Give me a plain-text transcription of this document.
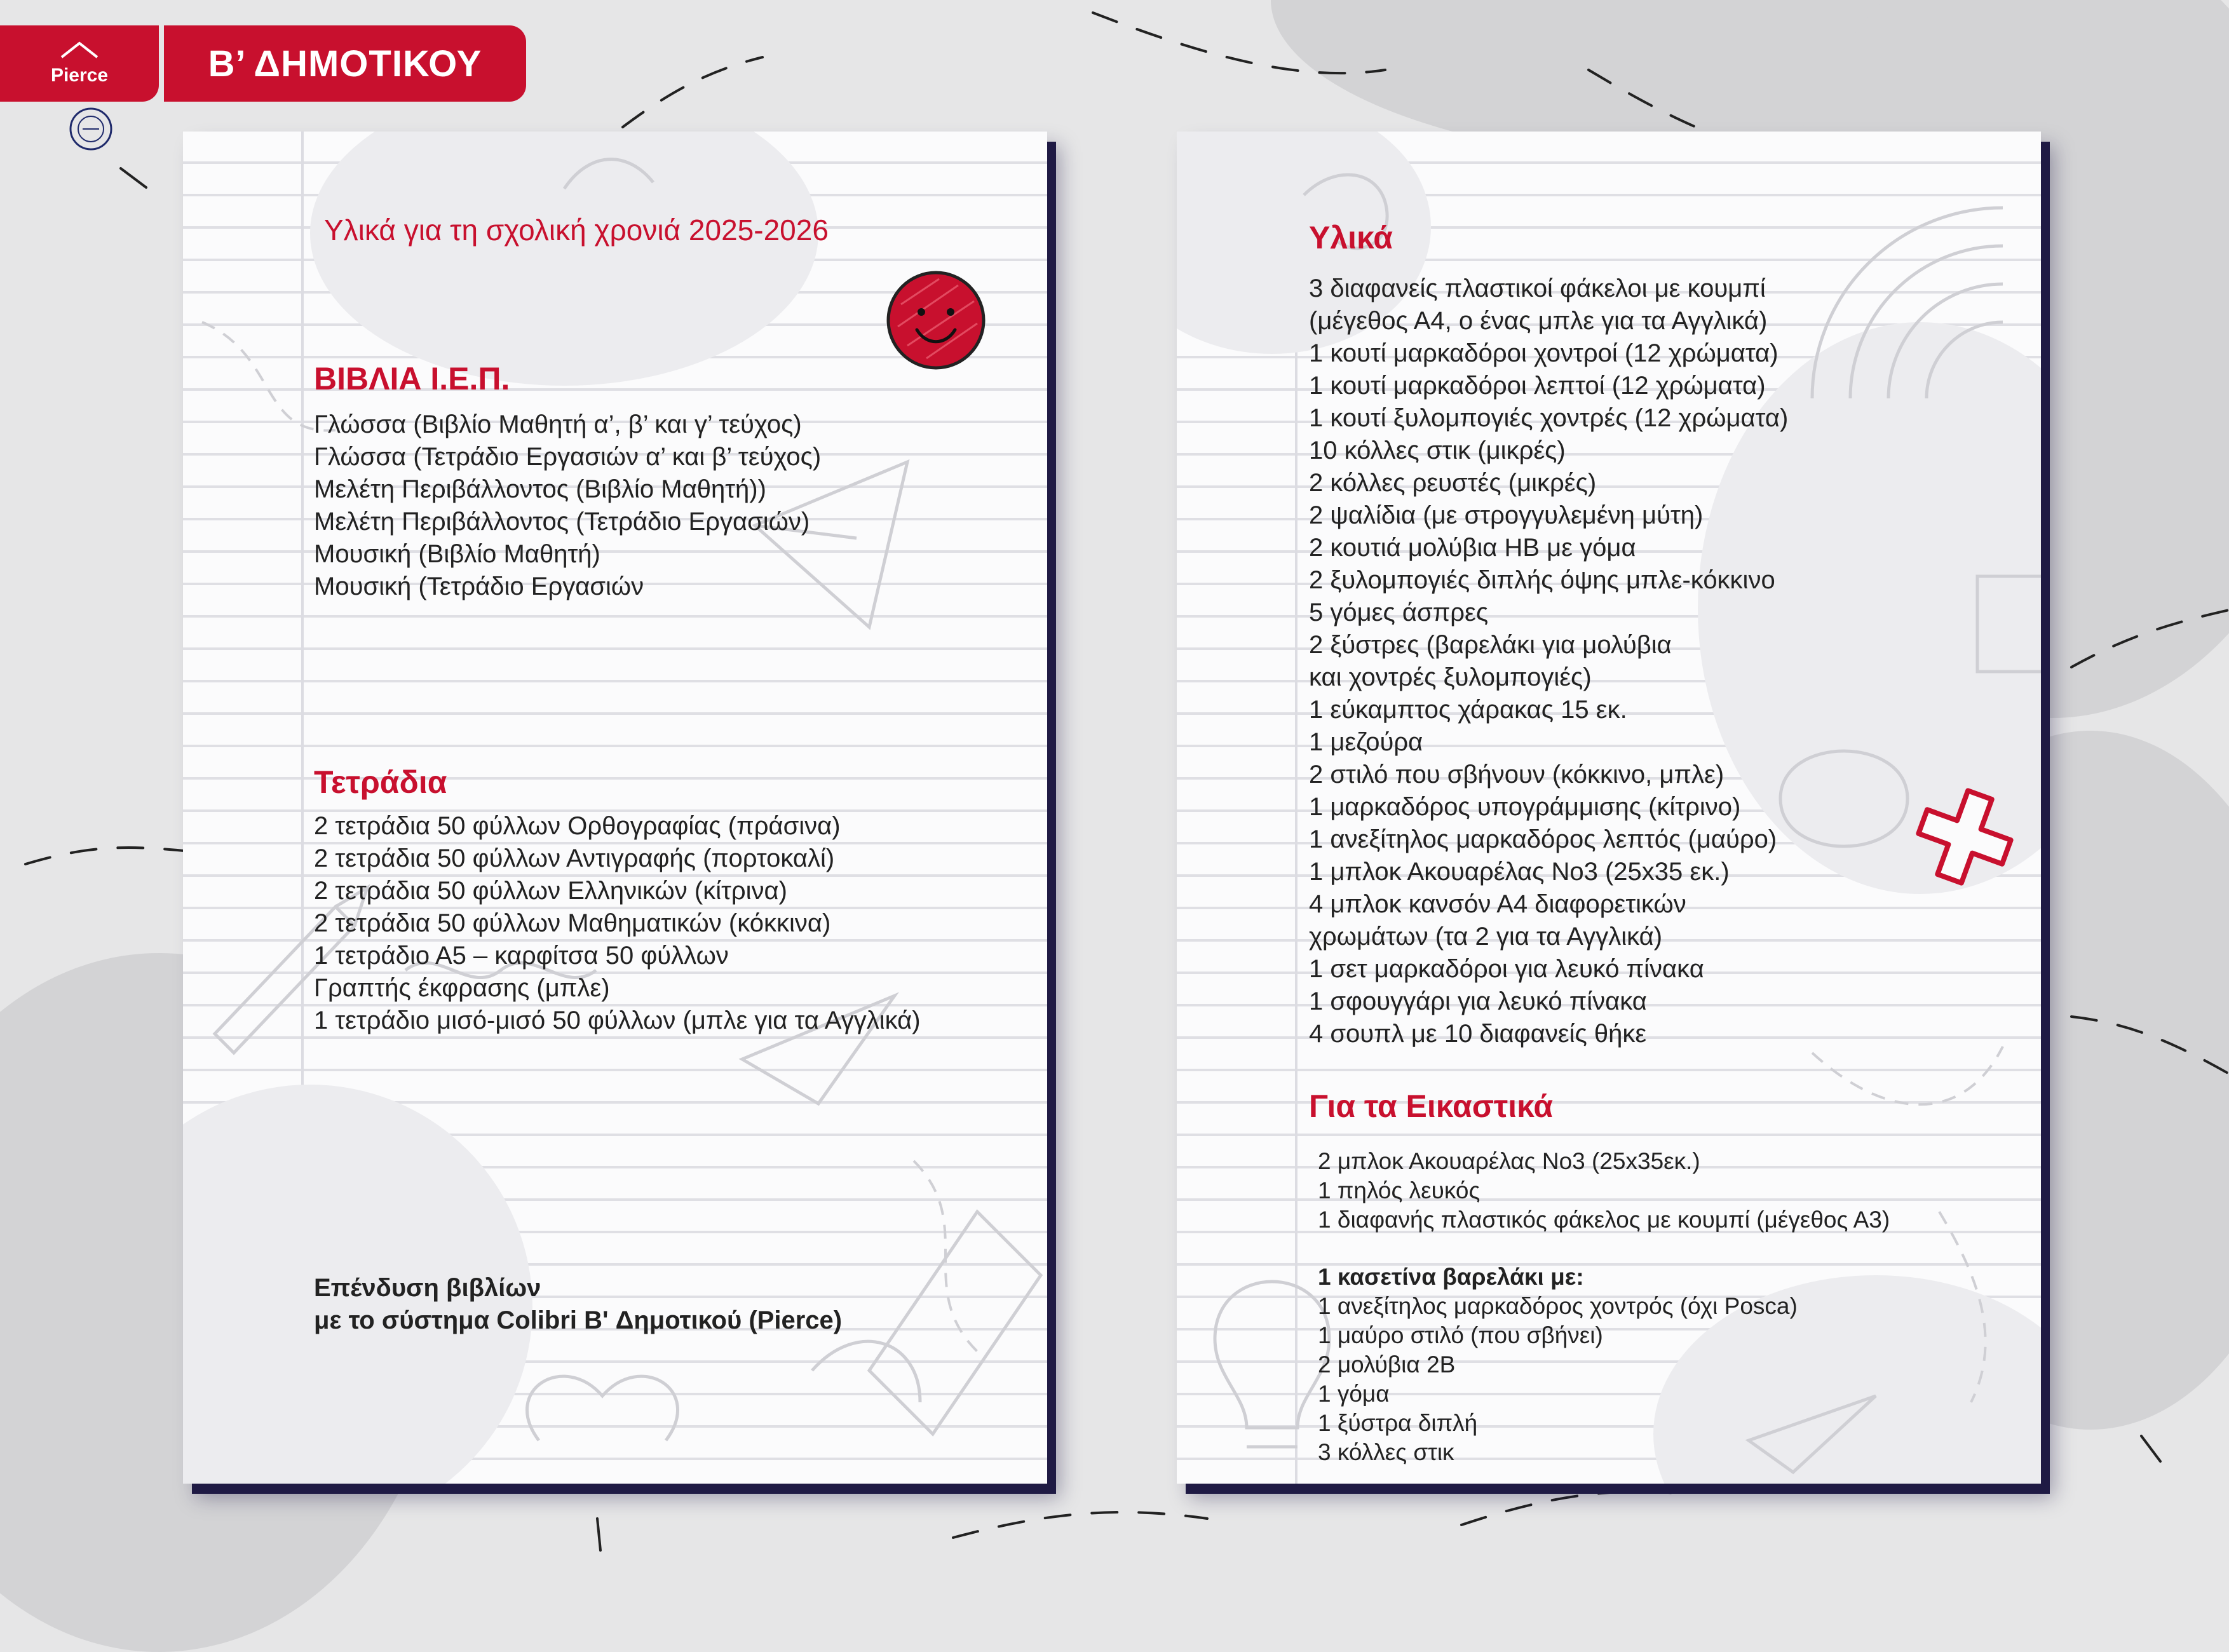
Pierce	Β’ ΔΗΜΟΤΙΚΟΥ
Υλικά για τη σχολική χρονιά 2025-2026
ΒΙΒΛΙΑ Ι.Ε.Π.
Γλώσσα (Βιβλίο Μαθητή α’, β’ και γ’ τεύχος)
Γλώσσα (Τετράδιο Εργασιών α’ και β’ τεύχος)
Μελέτη Περιβάλλοντος (Βιβλίο Μαθητή))
Μελέτη Περιβάλλοντος (Τετράδιο Εργασιών)
Μουσική (Βιβλίο Μαθητή)
Μουσική (Τετράδιο Εργασιών
Τετράδια
2 τετράδια 50 φύλλων Ορθογραφίας (πράσινα)
2 τετράδια 50 φύλλων Αντιγραφής (πορτοκαλί)
2 τετράδια 50 φύλλων Ελληνικών (κίτρινα)
2 τετράδια 50 φύλλων Μαθηματικών (κόκκινα)
1 τετράδιο Α5 – καρφίτσα 50 φύλλων
Γραπτής έκφρασης (μπλε)
1 τετράδιο μισό-μισό 50 φύλλων (μπλε για τα Αγγλικά)
Επένδυση βιβλίων
με το σύστημα Colibri B' Δημοτικού (Pierce)
Υλικά
3 διαφανείς πλαστικοί φάκελοι με κουμπί
(μέγεθος Α4, ο ένας μπλε για τα Αγγλικά)
1 κουτί μαρκαδόροι χοντροί (12 χρώματα)
1 κουτί μαρκαδόροι λεπτοί (12 χρώματα)
1 κουτί ξυλομπογιές χοντρές (12 χρώματα)
10 κόλλες στικ (μικρές)
2 κόλλες ρευστές (μικρές)
2 ψαλίδια (με στρογγυλεμένη μύτη)
2 κουτιά μολύβια ΗΒ με γόμα
2 ξυλομπογιές διπλής όψης μπλε-κόκκινο
5 γόμες άσπρες
2 ξύστρες (βαρελάκι για μολύβια
και χοντρές ξυλομπογιές)
1 εύκαμπτος χάρακας 15 εκ.
1 μεζούρα
2 στιλό που σβήνουν (κόκκινο, μπλε)
1 μαρκαδόρος υπογράμμισης (κίτρινο)
1 ανεξίτηλος μαρκαδόρος λεπτός (μαύρο)
1 μπλοκ Ακουαρέλας Νο3 (25x35 εκ.)
4 μπλοκ κανσόν Α4 διαφορετικών
χρωμάτων (τα 2 για τα Αγγλικά)
1 σετ μαρκαδόροι για λευκό πίνακα
1 σφουγγάρι για λευκό πίνακα
4 σουπλ με 10 διαφανείς θήκε
Για τα Εικαστικά
2 μπλοκ Ακουαρέλας Νο3 (25x35εκ.)
1 πηλός λευκός
1 διαφανής πλαστικός φάκελος με κουμπί (μέγεθος Α3)
1 κασετίνα βαρελάκι με:
1 ανεξίτηλος μαρκαδόρος χοντρός (όχι Posca)
1 μαύρο στιλό (που σβήνει)
2 μολύβια 2Β
1 γόμα
1 ξύστρα διπλή
3 κόλλες στικ
